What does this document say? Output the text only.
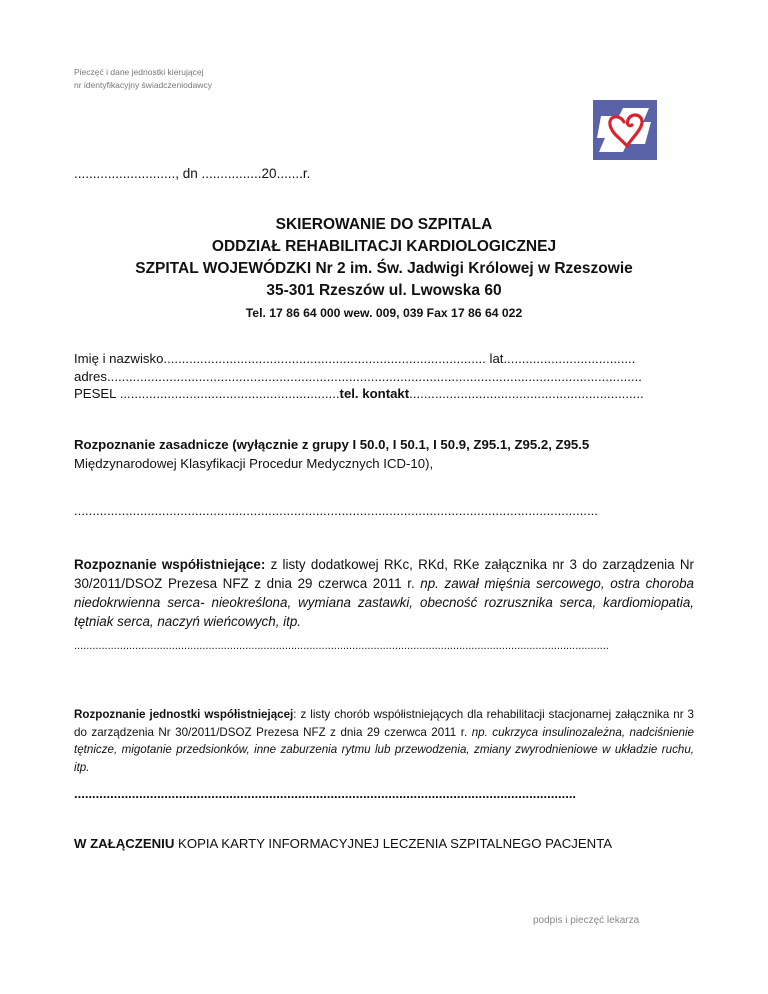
Pieczęć i dane jednostki kierującej
nr identyfikacyjny świadczeniodawcy
..........................., dn ................20.......r.
SKIEROWANIE DO SZPITALA
ODDZIAŁ REHABILITACJI KARDIOLOGICZNEJ
SZPITAL WOJEWÓDZKI Nr 2 im. Św. Jadwigi Królowej w Rzeszowie
35-301 Rzeszów ul. Lwowska 60
Tel. 17 86 64 000 wew. 009, 039 Fax 17 86 64 022
Imię i nazwisko........................................................................................ lat....................................
adres..................................................................................................................................................
PESEL ............................................................tel. kontakt................................................................
Rozpoznanie zasadnicze (wyłącznie z grupy I 50.0, I 50.1, I 50.9, Z95.1, Z95.2, Z95.5
Międzynarodowej Klasyfikacji Procedur Medycznych ICD-10),
...............................................................................................................................................
Rozpoznanie współistniejące: z listy dodatkowej RKc, RKd, RKe załącznika nr 3 do zarządzenia Nr 30/2011/DSOZ Prezesa NFZ z dnia 29 czerwca 2011 r. np. zawał mięśnia sercowego, ostra choroba niedokrwienna serca- nieokreślona, wymiana zastawki, obecność rozrusznika serca, kardiomiopatia, tętniak serca, naczyń wieńcowych, itp.
...............................................................................................................................................................................
Rozpoznanie jednostki współistniejącej: z listy chorób współistniejących dla rehabilitacji stacjonarnej załącznika nr 3 do zarządzenia Nr 30/2011/DSOZ Prezesa NFZ z dnia 29 czerwca 2011 r. np. cukrzyca insulinozależna, nadciśnienie tętnicze, migotanie przedsionków, inne zaburzenia rytmu lub przewodzenia, zmiany zwyrodnieniowe w układzie ruchu, itp.
...........................................................................................................................................
W ZAŁĄCZENIU KOPIA KARTY INFORMACYJNEJ LECZENIA SZPITALNEGO PACJENTA
podpis i pieczęć lekarza
